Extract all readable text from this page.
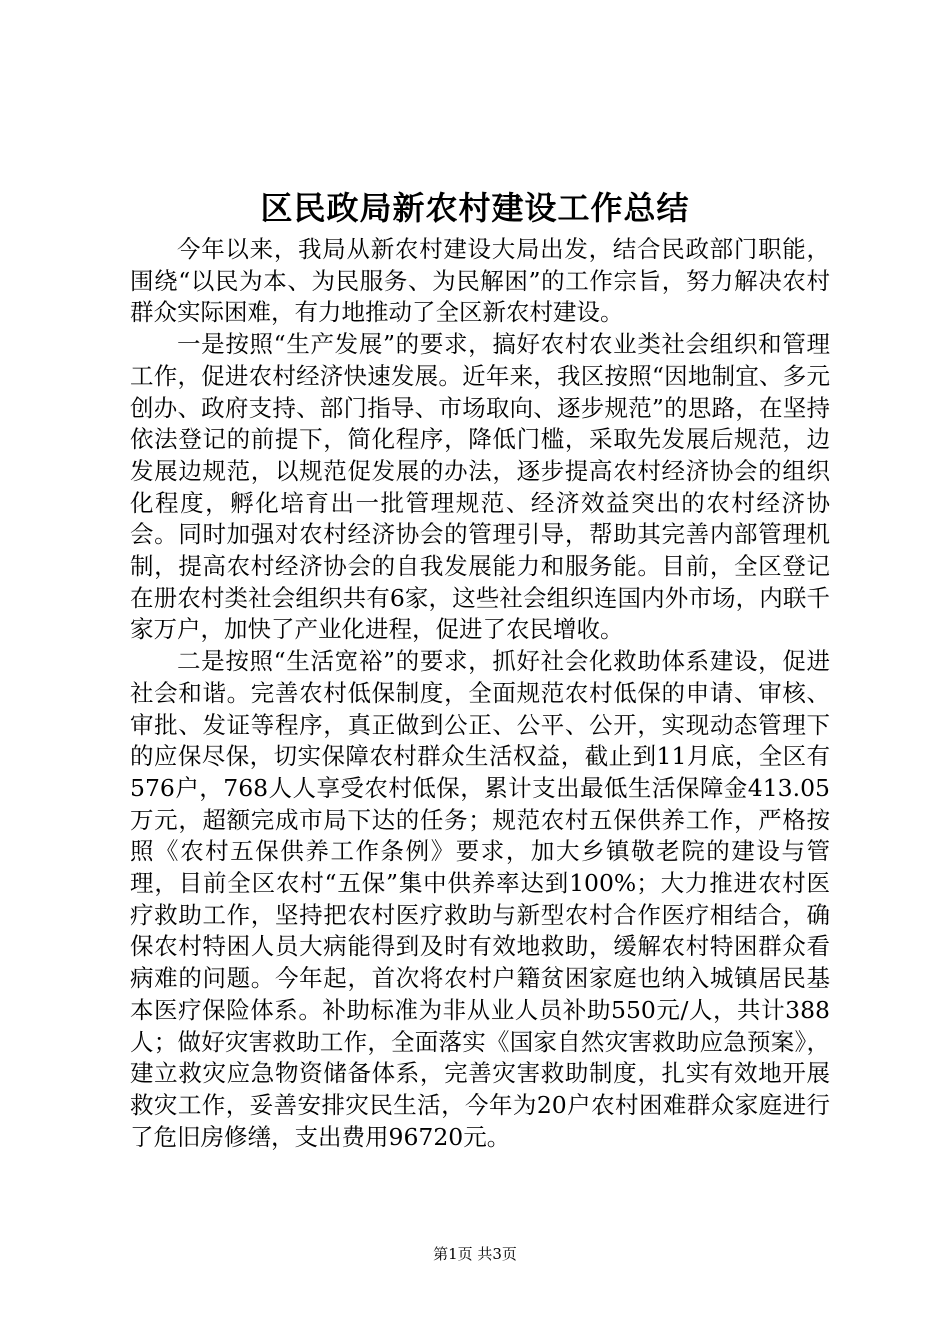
区民政局新农村建设工作总结

今年以来，我局从新农村建设大局出发，结合民政部门职能，围绕“以民为本、为民服务、为民解困”的工作宗旨，努力解决农村群众实际困难，有力地推动了全区新农村建设。

一是按照“生产发展”的要求，搞好农村农业类社会组织和管理工作，促进农村经济快速发展。近年来，我区按照“因地制宜、多元创办、政府支持、部门指导、市场取向、逐步规范”的思路，在坚持依法登记的前提下，简化程序，降低门槛，采取先发展后规范，边发展边规范，以规范促发展的办法，逐步提高农村经济协会的组织化程度，孵化培育出一批管理规范、经济效益突出的农村经济协会。同时加强对农村经济协会的管理引导，帮助其完善内部管理机制，提高农村经济协会的自我发展能力和服务能。目前，全区登记在册农村类社会组织共有6家，这些社会组织连国内外市场，内联千家万户，加快了产业化进程，促进了农民增收。

二是按照“生活宽裕”的要求，抓好社会化救助体系建设，促进社会和谐。完善农村低保制度，全面规范农村低保的申请、审核、审批、发证等程序，真正做到公正、公平、公开，实现动态管理下的应保尽保，切实保障农村群众生活权益，截止到11月底，全区有576户，768人人享受农村低保，累计支出最低生活保障金413.05万元，超额完成市局下达的任务；规范农村五保供养工作，严格按照《农村五保供养工作条例》要求，加大乡镇敬老院的建设与管理，目前全区农村“五保”集中供养率达到100%；大力推进农村医疗救助工作，坚持把农村医疗救助与新型农村合作医疗相结合，确保农村特困人员大病能得到及时有效地救助，缓解农村特困群众看病难的问题。今年起，首次将农村户籍贫困家庭也纳入城镇居民基本医疗保险体系。补助标准为非从业人员补助550元/人，共计388人；做好灾害救助工作，全面落实《国家自然灾害救助应急预案》，建立救灾应急物资储备体系，完善灾害救助制度，扎实有效地开展救灾工作，妥善安排灾民生活，今年为20户农村困难群众家庭进行了危旧房修缮，支出费用96720元。

第1页 共3页
